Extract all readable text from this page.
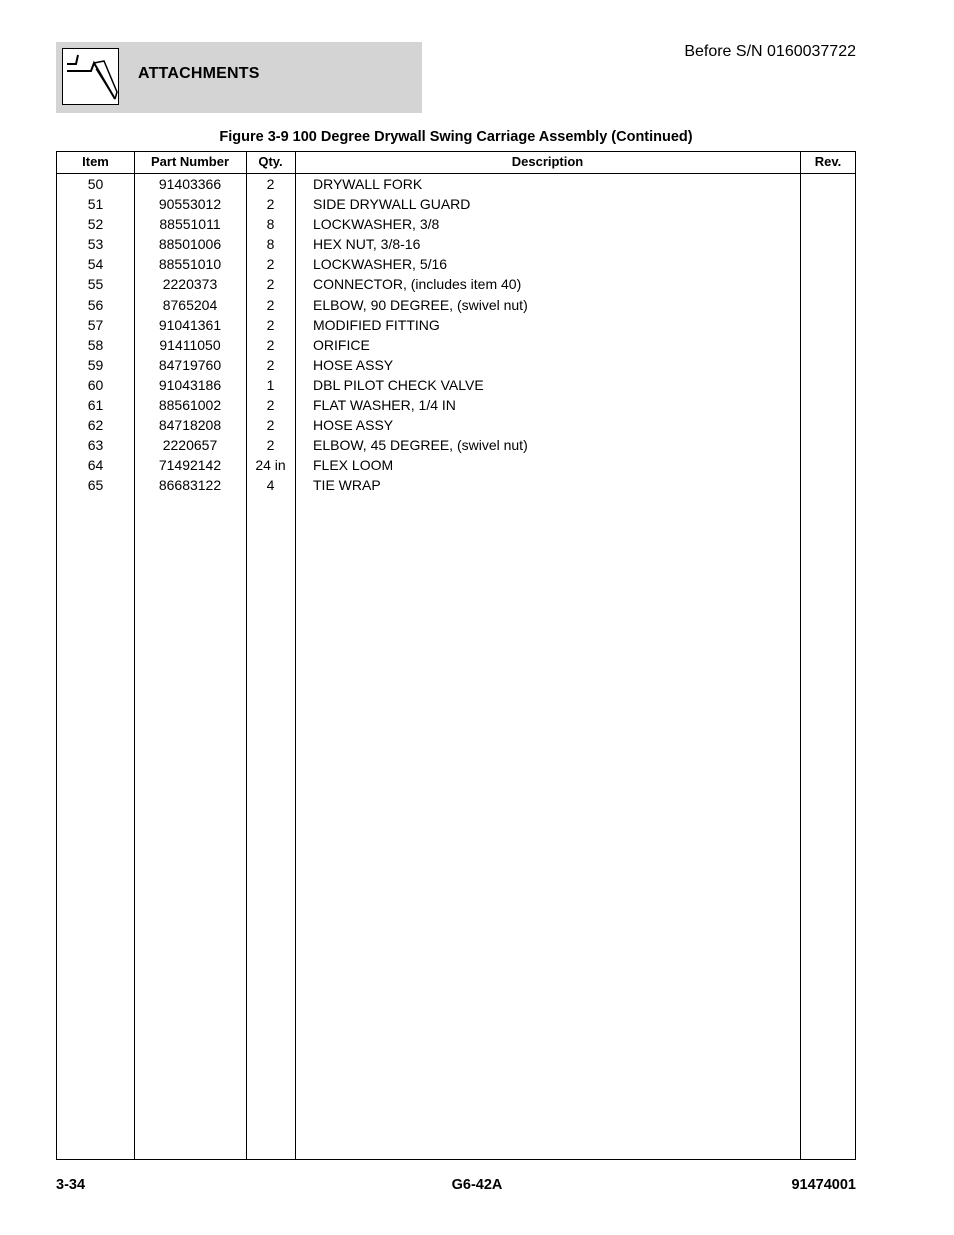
ATTACHMENTS
Before S/N 0160037722
Figure 3-9 100 Degree Drywall Swing Carriage Assembly (Continued)
Item	Part Number	Qty.	Description	Rev.
50	91403366	2	DRYWALL FORK
51	90553012	2	SIDE DRYWALL GUARD
52	88551011	8	LOCKWASHER, 3/8
53	88501006	8	HEX NUT, 3/8-16
54	88551010	2	LOCKWASHER, 5/16
55	2220373	2	CONNECTOR, (includes item 40)
56	8765204	2	ELBOW, 90 DEGREE, (swivel nut)
57	91041361	2	MODIFIED FITTING
58	91411050	2	ORIFICE
59	84719760	2	HOSE ASSY
60	91043186	1	DBL PILOT CHECK VALVE
61	88561002	2	FLAT WASHER, 1/4 IN
62	84718208	2	HOSE ASSY
63	2220657	2	ELBOW, 45 DEGREE, (swivel nut)
64	71492142	24 in	FLEX LOOM
65	86683122	4	TIE WRAP
3-34	G6-42A	91474001
